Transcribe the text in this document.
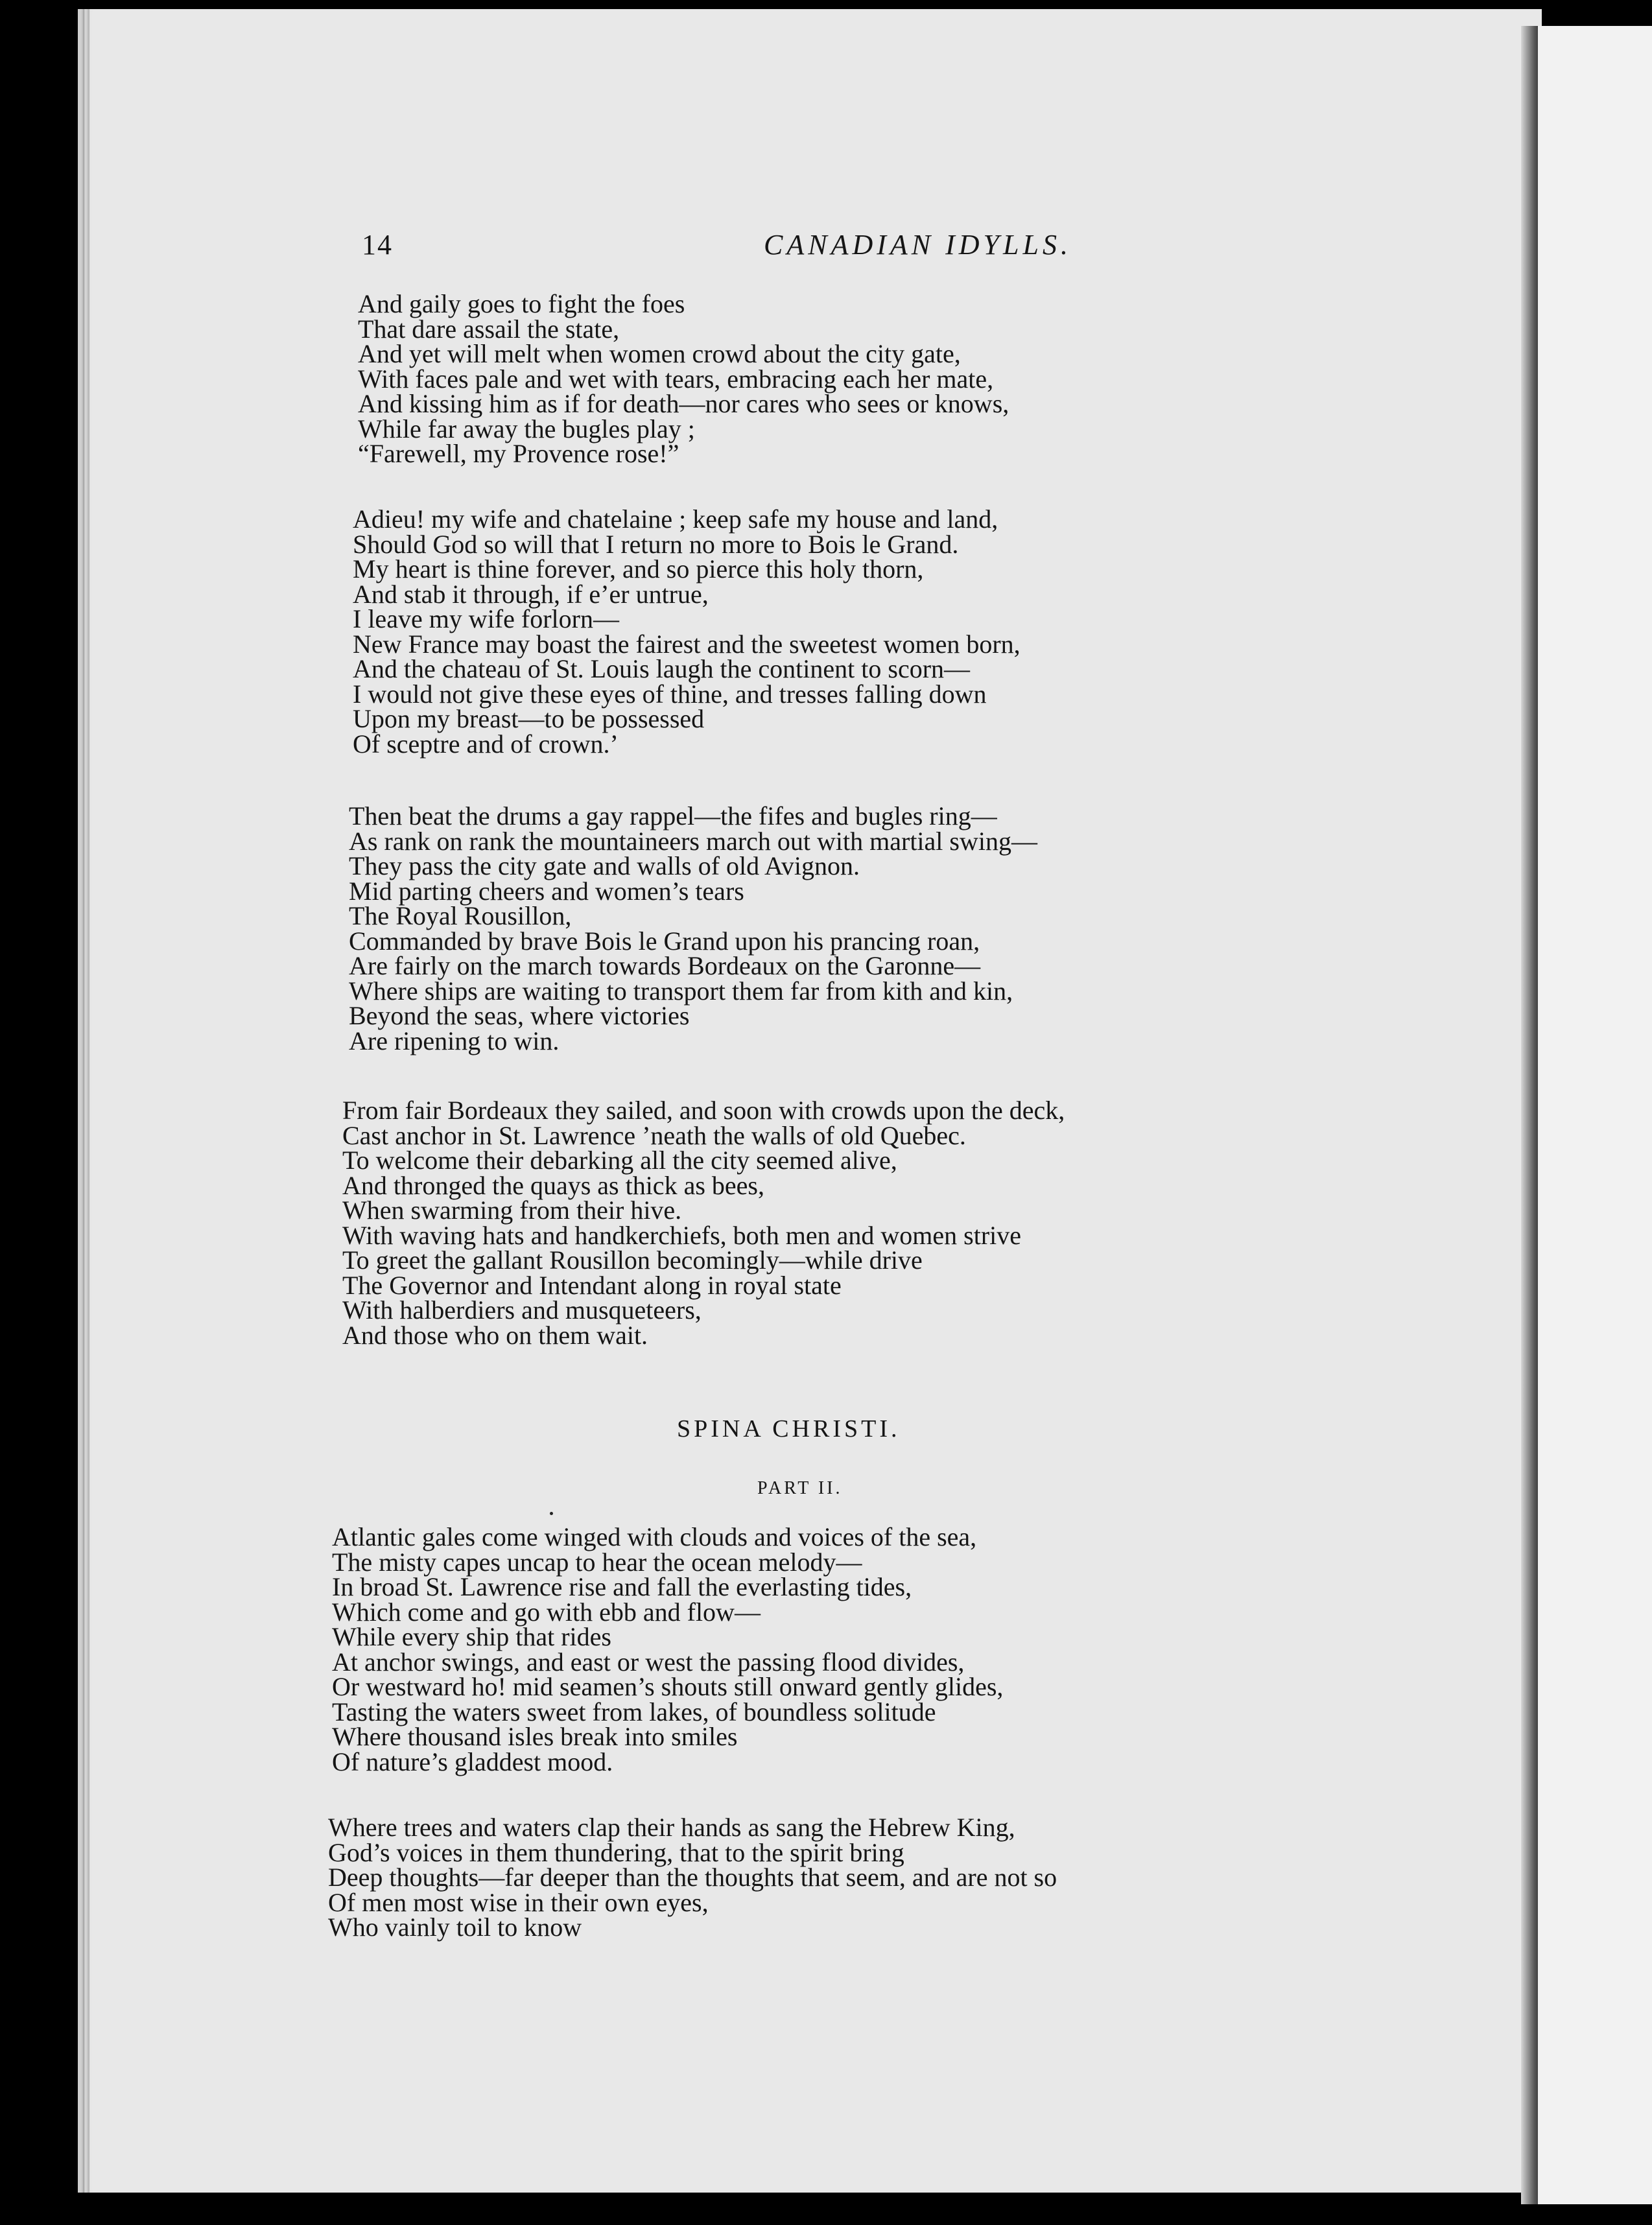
14	CANADIAN IDYLLS.
And gaily goes to fight the foes
That dare assail the state,
And yet will melt when women crowd about the city gate,
With faces pale and wet with tears, embracing each her mate,
And kissing him as if for death—nor cares who sees or knows,
While far away the bugles play ;
“Farewell, my Provence rose!”
Adieu! my wife and chatelaine ; keep safe my house and land,
Should God so will that I return no more to Bois le Grand.
My heart is thine forever, and so pierce this holy thorn,
And stab it through, if e’er untrue,
I leave my wife forlorn—
New France may boast the fairest and the sweetest women born,
And the chateau of St. Louis laugh the continent to scorn—
I would not give these eyes of thine, and tresses falling down
Upon my breast—to be possessed
Of sceptre and of crown.’
Then beat the drums a gay rappel—the fifes and bugles ring—
As rank on rank the mountaineers march out with martial swing—
They pass the city gate and walls of old Avignon.
Mid parting cheers and women’s tears
The Royal Rousillon,
Commanded by brave Bois le Grand upon his prancing roan,
Are fairly on the march towards Bordeaux on the Garonne—
Where ships are waiting to transport them far from kith and kin,
Beyond the seas, where victories
Are ripening to win.
From fair Bordeaux they sailed, and soon with crowds upon the deck,
Cast anchor in St. Lawrence ’neath the walls of old Quebec.
To welcome their debarking all the city seemed alive,
And thronged the quays as thick as bees,
When swarming from their hive.
With waving hats and handkerchiefs, both men and women strive
To greet the gallant Rousillon becomingly—while drive
The Governor and Intendant along in royal state
With halberdiers and musqueteers,
And those who on them wait.
SPINA CHRISTI.
PART II.
Atlantic gales come winged with clouds and voices of the sea,
The misty capes uncap to hear the ocean melody—
In broad St. Lawrence rise and fall the everlasting tides,
Which come and go with ebb and flow—
While every ship that rides
At anchor swings, and east or west the passing flood divides,
Or westward ho! mid seamen’s shouts still onward gently glides,
Tasting the waters sweet from lakes, of boundless solitude
Where thousand isles break into smiles
Of nature’s gladdest mood.
Where trees and waters clap their hands as sang the Hebrew King,
God’s voices in them thundering, that to the spirit bring
Deep thoughts—far deeper than the thoughts that seem, and are not so
Of men most wise in their own eyes,
Who vainly toil to know
